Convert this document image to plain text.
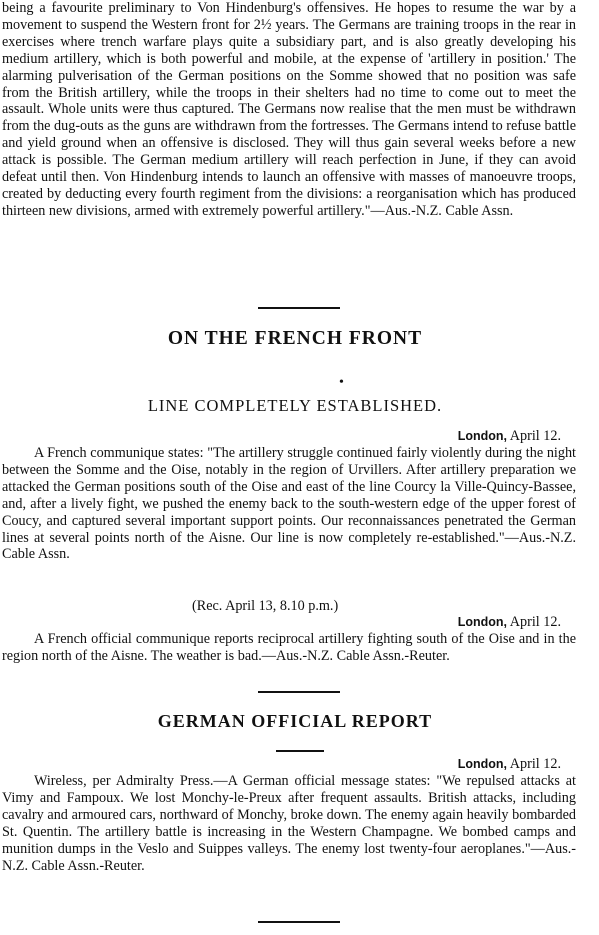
being a favourite preliminary to Von Hindenburg's offensives. He hopes to resume the war by a movement to suspend the Western front for 2½ years. The Germans are training troops in the rear in exercises where trench warfare plays quite a subsidiary part, and is also greatly developing his medium artillery, which is both powerful and mobile, at the expense of 'artillery in position.' The alarming pulverisation of the German positions on the Somme showed that no position was safe from the British artillery, while the troops in their shelters had no time to come out to meet the assault. Whole units were thus captured. The Germans now realise that the men must be withdrawn from the dug-outs as the guns are withdrawn from the fortresses. The Germans intend to refuse battle and yield ground when an offensive is disclosed. They will thus gain several weeks before a new attack is possible. The German medium artillery will reach perfection in June, if they can avoid defeat until then. Von Hindenburg intends to launch an offensive with masses of manoeuvre troops, created by deducting every fourth regiment from the divisions: a reorganisation which has produced thirteen new divisions, armed with extremely powerful artillery."—Aus.-N.Z. Cable Assn.

ON THE FRENCH FRONT
•
LINE COMPLETELY ESTABLISHED.
London, April 12.

A French communique states: "The artillery struggle continued fairly violently during the night between the Somme and the Oise, notably in the region of Urvillers. After artillery preparation we attacked the German positions south of the Oise and east of the line Courcy la Ville-Quincy-Bassee, and, after a lively fight, we pushed the enemy back to the south-western edge of the upper forest of Coucy, and captured several important support points. Our reconnaissances penetrated the German lines at several points north of the Aisne. Our line is now completely re-established."—Aus.-N.Z. Cable Assn.

(Rec. April 13, 8.10 p.m.)
London, April 12.

A French official communique reports reciprocal artillery fighting south of the Oise and in the region north of the Aisne. The weather is bad.—Aus.-N.Z. Cable Assn.-Reuter.

GERMAN OFFICIAL REPORT
London, April 12.

Wireless, per Admiralty Press.—A German official message states: "We repulsed attacks at Vimy and Fampoux. We lost Monchy-le-Preux after frequent assaults. British attacks, including cavalry and armoured cars, northward of Monchy, broke down. The enemy again heavily bombarded St. Quentin. The artillery battle is increasing in the Western Champagne. We bombed camps and munition dumps in the Veslo and Suippes valleys. The enemy lost twenty-four aeroplanes."—Aus.-N.Z. Cable Assn.-Reuter.
